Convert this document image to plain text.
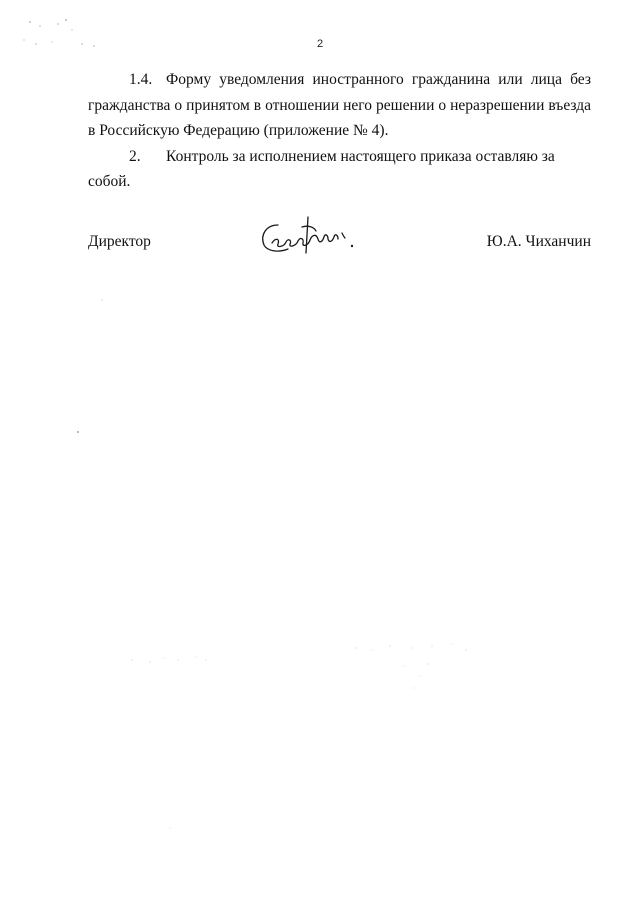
2

1.4. Форму уведомления иностранного гражданина или лица без гражданства о принятом в отношении него решении о неразрешении въезда в Российскую Федерацию (приложение № 4).

2. Контроль за исполнением настоящего приказа оставляю за собой.

Директор	Ю.А. Чиханчин
